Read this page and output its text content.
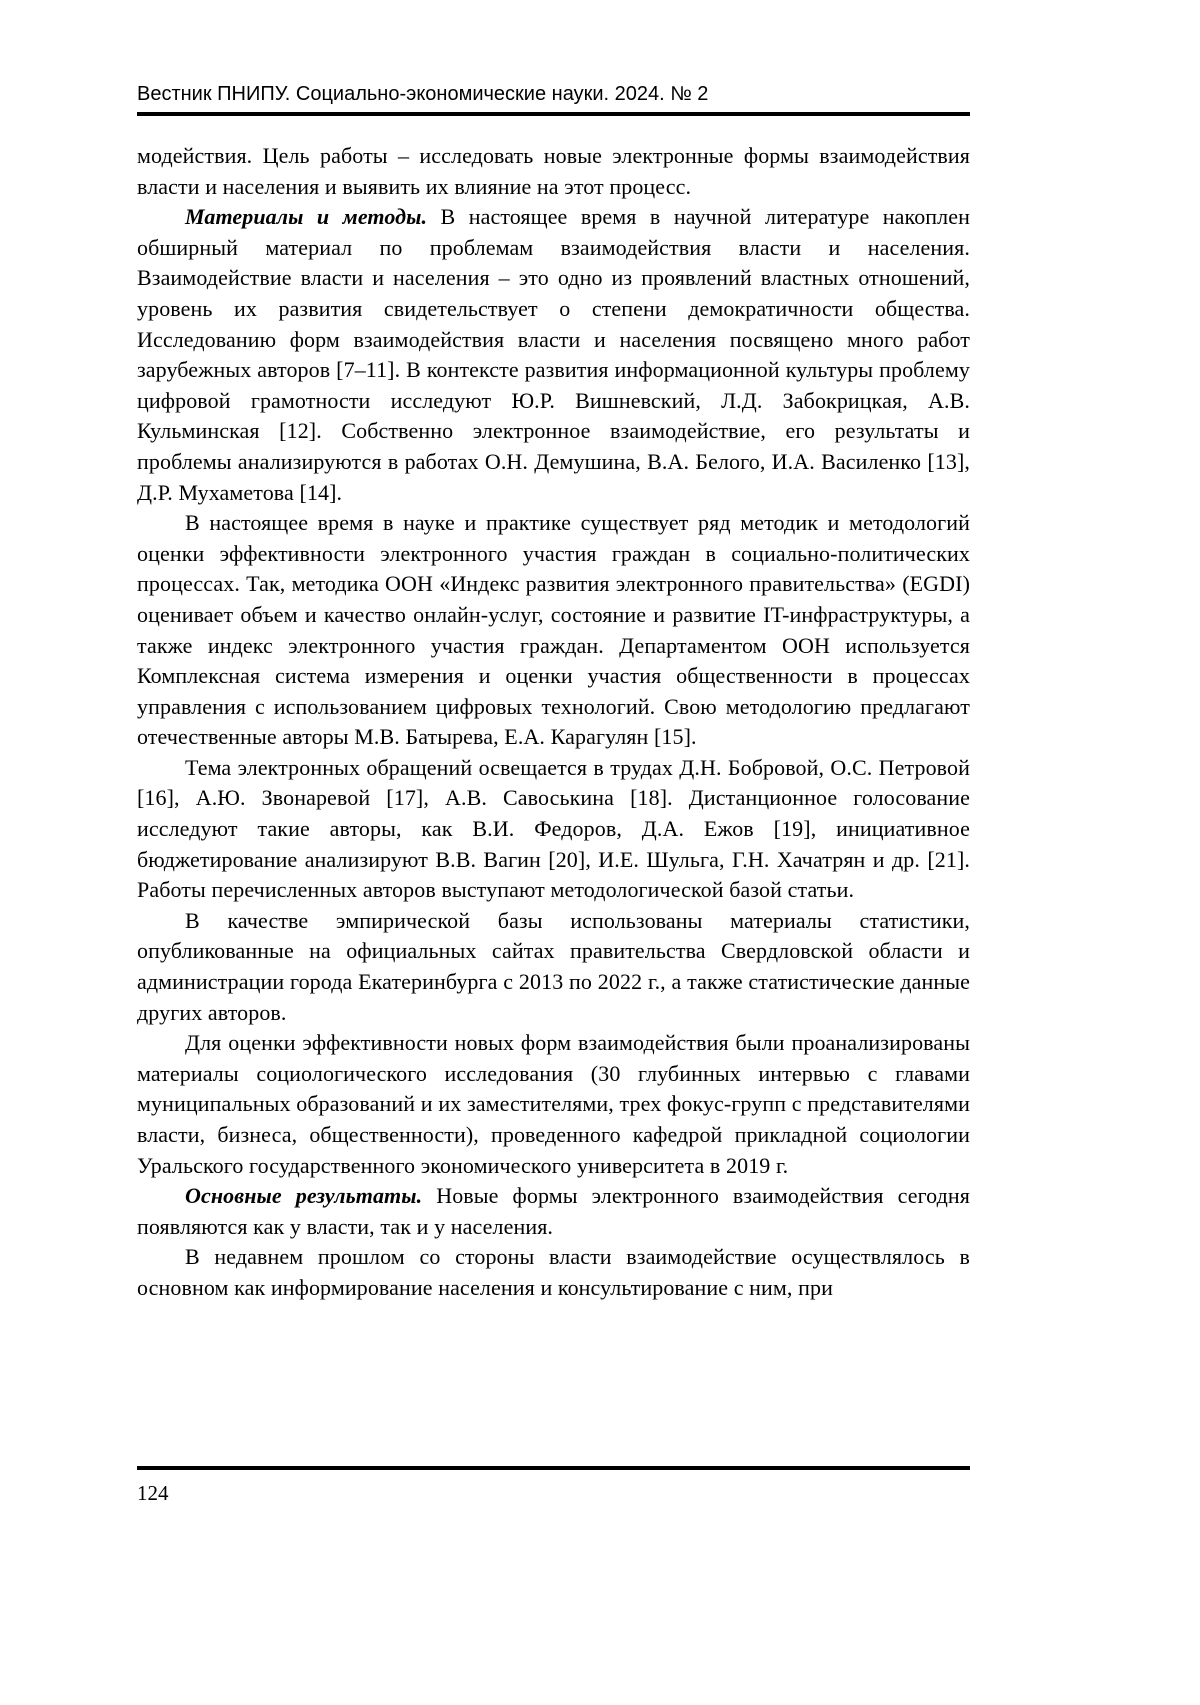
Вестник ПНИПУ. Социально-экономические науки. 2024. № 2

модействия. Цель работы – исследовать новые электронные формы взаимодействия власти и населения и выявить их влияние на этот процесс.

Материалы и методы. В настоящее время в научной литературе накоплен обширный материал по проблемам взаимодействия власти и населения. Взаимодействие власти и населения – это одно из проявлений властных отношений, уровень их развития свидетельствует о степени демократичности общества. Исследованию форм взаимодействия власти и населения посвящено много работ зарубежных авторов [7–11]. В контексте развития информационной культуры проблему цифровой грамотности исследуют Ю.Р. Вишневский, Л.Д. Забокрицкая, А.В. Кульминская [12]. Собственно электронное взаимодействие, его результаты и проблемы анализируются в работах О.Н. Демушина, В.А. Белого, И.А. Василенко [13], Д.Р. Мухаметова [14].

В настоящее время в науке и практике существует ряд методик и методологий оценки эффективности электронного участия граждан в социально-политических процессах. Так, методика ООН «Индекс развития электронного правительства» (EGDI) оценивает объем и качество онлайн-услуг, состояние и развитие IT-инфраструктуры, а также индекс электронного участия граждан. Департаментом ООН используется Комплексная система измерения и оценки участия общественности в процессах управления с использованием цифровых технологий. Свою методологию предлагают отечественные авторы М.В. Батырева, Е.А. Карагулян [15].

Тема электронных обращений освещается в трудах Д.Н. Бобровой, О.С. Петровой [16], А.Ю. Звонаревой [17], А.В. Савоськина [18]. Дистанционное голосование исследуют такие авторы, как В.И. Федоров, Д.А. Ежов [19], инициативное бюджетирование анализируют В.В. Вагин [20], И.Е. Шульга, Г.Н. Хачатрян и др. [21]. Работы перечисленных авторов выступают методологической базой статьи.

В качестве эмпирической базы использованы материалы статистики, опубликованные на официальных сайтах правительства Свердловской области и администрации города Екатеринбурга с 2013 по 2022 г., а также статистические данные других авторов.

Для оценки эффективности новых форм взаимодействия были проанализированы материалы социологического исследования (30 глубинных интервью с главами муниципальных образований и их заместителями, трех фокус-групп с представителями власти, бизнеса, общественности), проведенного кафедрой прикладной социологии Уральского государственного экономического университета в 2019 г.

Основные результаты. Новые формы электронного взаимодействия сегодня появляются как у власти, так и у населения.

В недавнем прошлом со стороны власти взаимодействие осуществлялось в основном как информирование населения и консультирование с ним, при

124
